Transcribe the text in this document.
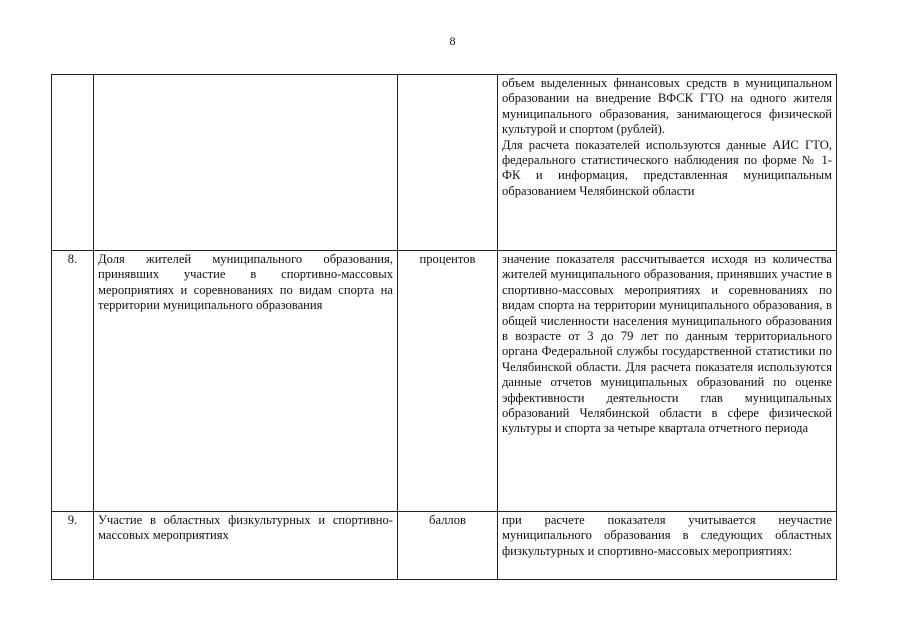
8

			объем выделенных финансовых средств в муниципальном образовании на внедрение ВФСК ГТО на одного жителя муниципального образования, занимающегося физической культурой и спортом (рублей).
Для расчета показателей используются данные АИС ГТО, федерального статистического наблюдения по форме № 1-ФК и информация, представленная муниципальным образованием Челябинской области

8.	Доля жителей муниципального образования, принявших участие в спортивно-массовых мероприятиях и соревнованиях по видам спорта на территории муниципального образования	процентов	значение показателя рассчитывается исходя из количества жителей муниципального образования, принявших участие в спортивно-массовых мероприятиях и соревнованиях по видам спорта на территории муниципального образования, в общей численности населения муниципального образования в возрасте от 3 до 79 лет по данным территориального органа Федеральной службы государственной статистики по Челябинской области. Для расчета показателя используются данные отчетов муниципальных образований по оценке эффективности деятельности глав муниципальных образований Челябинской области в сфере физической культуры и спорта за четыре квартала отчетного периода

9.	Участие в областных физкультурных и спортивно-массовых мероприятиях	баллов	при расчете показателя учитывается неучастие муниципального образования в следующих областных физкультурных и спортивно-массовых мероприятиях:
